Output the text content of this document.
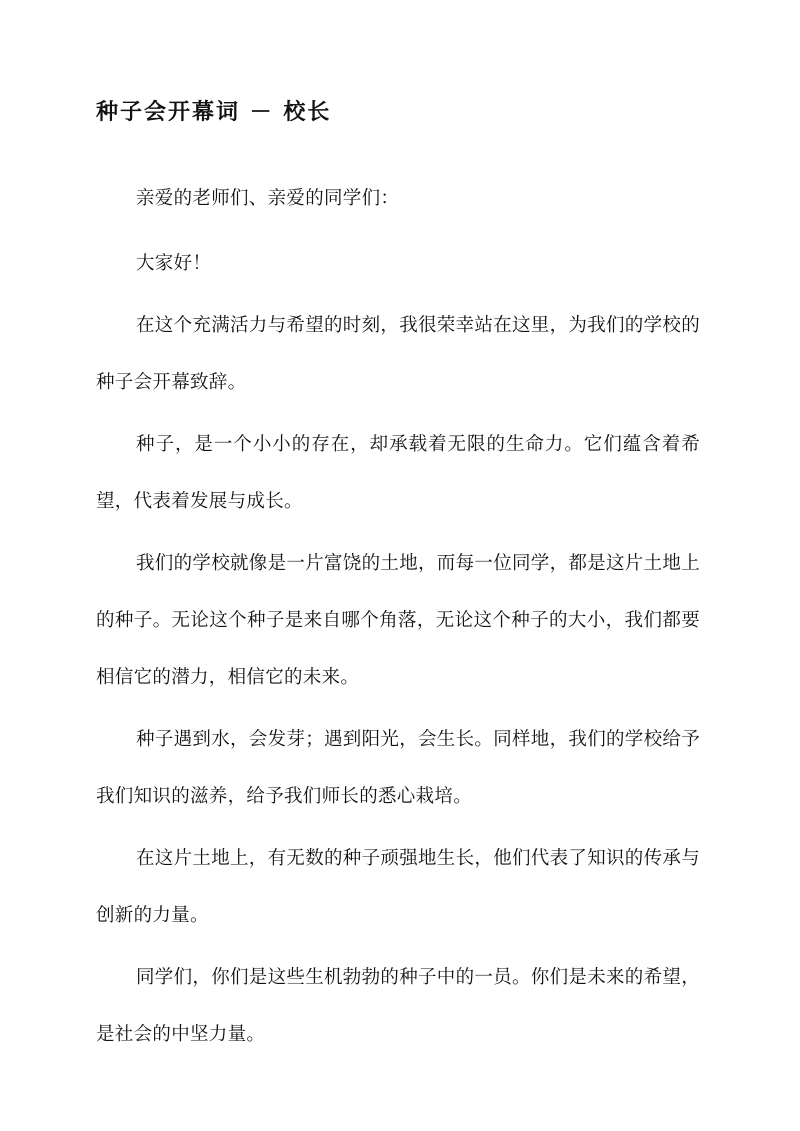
种子会开幕词 － 校长

亲爱的老师们、亲爱的同学们：

大家好！

在这个充满活力与希望的时刻，我很荣幸站在这里，为我们的学校的种子会开幕致辞。

种子，是一个小小的存在，却承载着无限的生命力。它们蕴含着希望，代表着发展与成长。

我们的学校就像是一片富饶的土地，而每一位同学，都是这片土地上的种子。无论这个种子是来自哪个角落，无论这个种子的大小，我们都要相信它的潜力，相信它的未来。

种子遇到水，会发芽；遇到阳光，会生长。同样地，我们的学校给予我们知识的滋养，给予我们师长的悉心栽培。

在这片土地上，有无数的种子顽强地生长，他们代表了知识的传承与创新的力量。

同学们，你们是这些生机勃勃的种子中的一员。你们是未来的希望，是社会的中坚力量。
